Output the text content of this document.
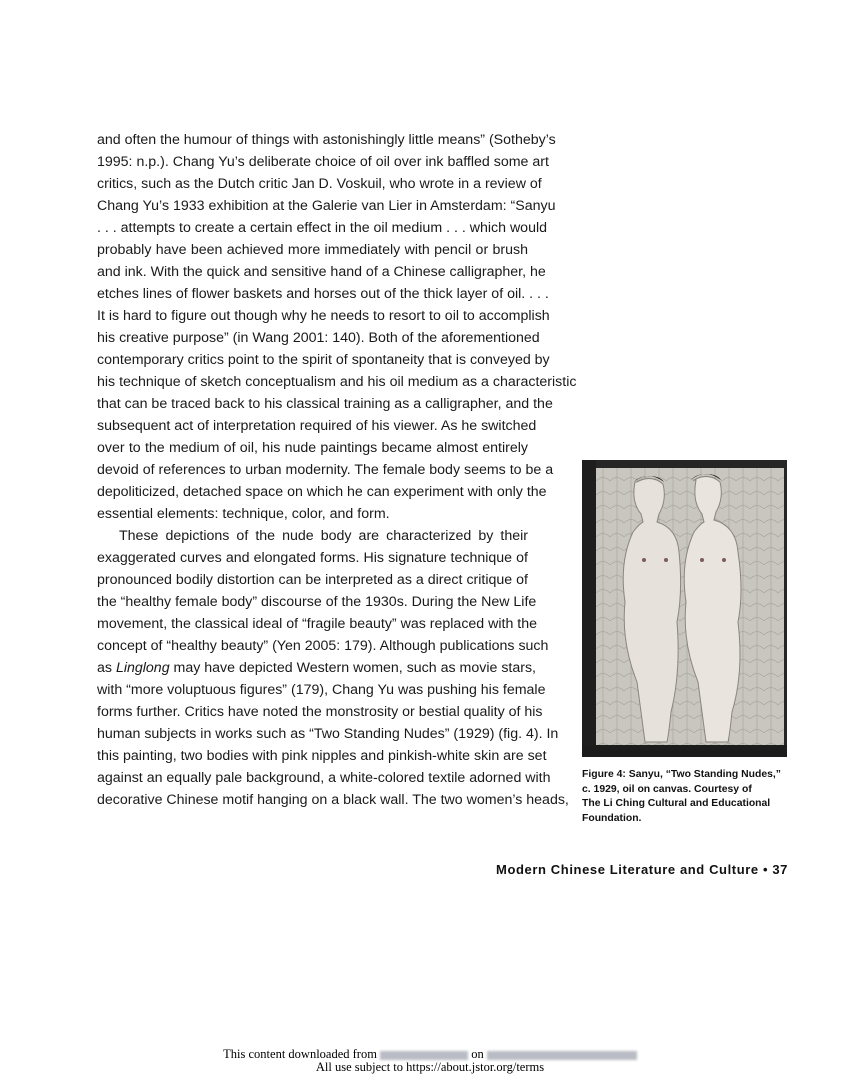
and often the humour of things with astonishingly little means” (Sotheby’s
1995: n.p.). Chang Yu’s deliberate choice of oil over ink baffled some art
critics, such as the Dutch critic Jan D. Voskuil, who wrote in a review of
Chang Yu’s 1933 exhibition at the Galerie van Lier in Amsterdam: “Sanyu
. . . attempts to create a certain effect in the oil medium . . . which would
probably have been achieved more immediately with pencil or brush
and ink. With the quick and sensitive hand of a Chinese calligrapher, he
etches lines of flower baskets and horses out of the thick layer of oil. . . .
It is hard to figure out though why he needs to resort to oil to accomplish
his creative purpose” (in Wang 2001: 140). Both of the aforementioned
contemporary critics point to the spirit of spontaneity that is conveyed by
his technique of sketch conceptualism and his oil medium as a characteristic
that can be traced back to his classical training as a calligrapher, and the
subsequent act of interpretation required of his viewer. As he switched
over to the medium of oil, his nude paintings became almost entirely
devoid of references to urban modernity. The female body seems to be a
depoliticized, detached space on which he can experiment with only the
essential elements: technique, color, and form.
These depictions of the nude body are characterized by their
exaggerated curves and elongated forms. His signature technique of
pronounced bodily distortion can be interpreted as a direct critique of
the “healthy female body” discourse of the 1930s. During the New Life
movement, the classical ideal of “fragile beauty” was replaced with the
concept of “healthy beauty” (Yen 2005: 179). Although publications such
as Linglong may have depicted Western women, such as movie stars,
with “more voluptuous figures” (179), Chang Yu was pushing his female
forms further. Critics have noted the monstrosity or bestial quality of his
human subjects in works such as “Two Standing Nudes” (1929) (fig. 4). In
this painting, two bodies with pink nipples and pinkish-white skin are set
against an equally pale background, a white-colored textile adorned with
decorative Chinese motif hanging on a black wall. The two women’s heads,
Figure 4: Sanyu, “Two Standing Nudes,”
c. 1929, oil on canvas. Courtesy of
The Li Ching Cultural and Educational
Foundation.
Modern Chinese Literature and Culture • 37
This content downloaded from	on
All use subject to https://about.jstor.org/terms
